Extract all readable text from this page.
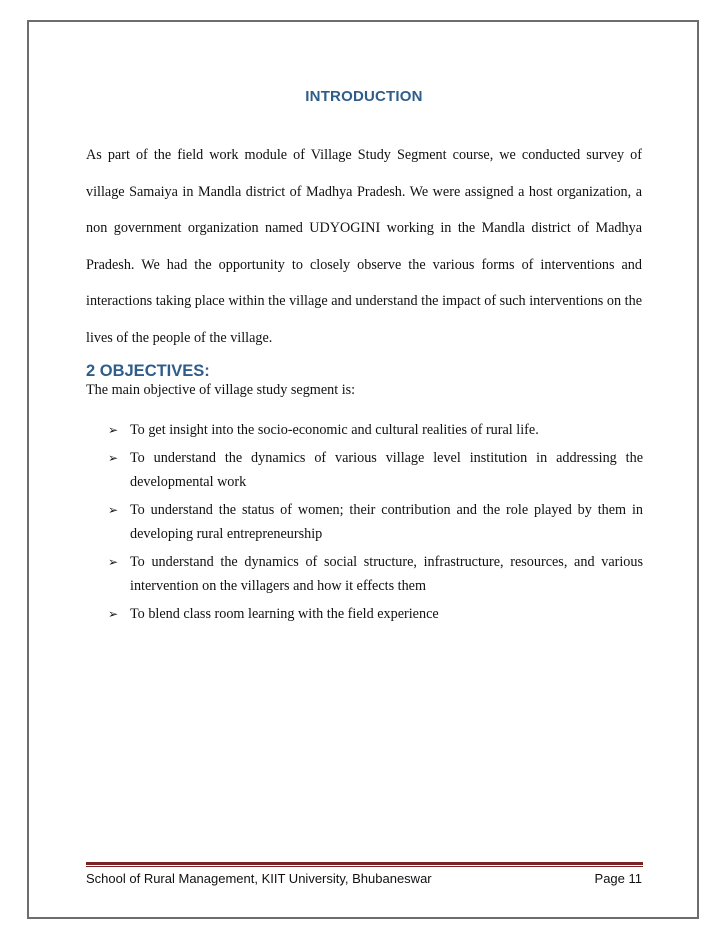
INTRODUCTION

As part of the field work module of Village Study Segment course, we conducted survey of village Samaiya in Mandla district of Madhya Pradesh. We were assigned a host organization, a non government organization named UDYOGINI working in the Mandla district of Madhya Pradesh. We had the opportunity to closely observe the various forms of interventions and interactions taking place within the village and understand the impact of such interventions on the lives of the people of the village.

2 OBJECTIVES:
The main objective of village study segment is:
➢ To get insight into the socio-economic and cultural realities of rural life.
➢ To understand the dynamics of various village level institution in addressing the developmental work
➢ To understand the status of women; their contribution and the role played by them in developing rural entrepreneurship
➢ To understand the dynamics of social structure, infrastructure, resources, and various intervention on the villagers and how it effects them
➢ To blend class room learning with the field experience
School of Rural Management, KIIT University, Bhubaneswar	Page 11
